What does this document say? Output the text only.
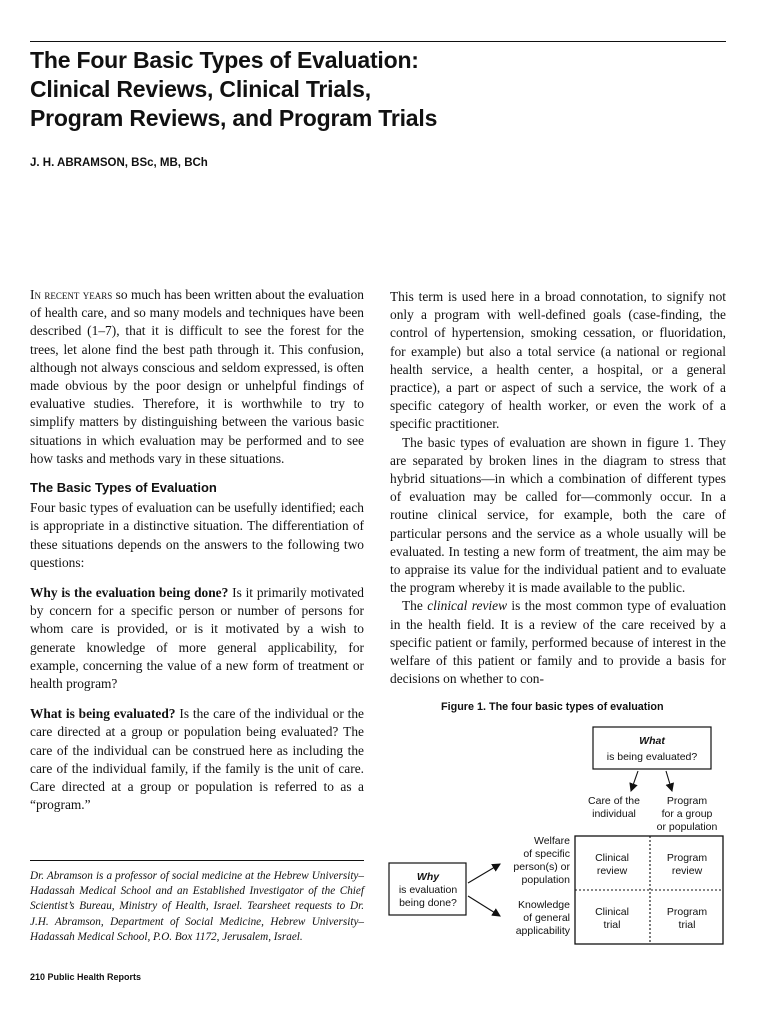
The Four Basic Types of Evaluation:
Clinical Reviews, Clinical Trials,
Program Reviews, and Program Trials
J. H. ABRAMSON, BSc, MB, BCh

In recent years so much has been written about the evaluation of health care, and so many models and techniques have been described (1–7), that it is difficult to see the forest for the trees, let alone find the best path through it. This confusion, although not always conscious and seldom expressed, is often made obvious by the poor design or unhelpful findings of evaluative studies. Therefore, it is worthwhile to try to simplify matters by distinguishing between the various basic situations in which evaluation may be performed and to see how tasks and methods vary in these situations.

The Basic Types of Evaluation

Four basic types of evaluation can be usefully identified; each is appropriate in a distinctive situation. The differentiation of these situations depends on the answers to the following two questions:

Why is the evaluation being done? Is it primarily motivated by concern for a specific person or number of persons for whom care is provided, or is it motivated by a wish to generate knowledge of more general applicability, for example, concerning the value of a new form of treatment or health program?

What is being evaluated? Is the care of the individual or the care directed at a group or population being evaluated? The care of the individual can be construed here as including the care of the individual family, if the family is the unit of care. Care directed at a group or population is referred to as a “program.”

This term is used here in a broad connotation, to signify not only a program with well-defined goals (case-finding, the control of hypertension, smoking cessation, or fluoridation, for example) but also a total service (a national or regional health service, a health center, a hospital, or a general practice), a part or aspect of such a service, the work of a specific category of health worker, or even the work of a specific practitioner.

The basic types of evaluation are shown in figure 1. They are separated by broken lines in the diagram to stress that hybrid situations—in which a combination of different types of evaluation may be called for—commonly occur. In a routine clinical service, for example, both the care of particular persons and the service as a whole usually will be evaluated. In testing a new form of treatment, the aim may be to appraise its value for the individual patient and to evaluate the program whereby it is made available to the public.

The clinical review is the most common type of evaluation in the health field. It is a review of the care received by a specific patient or family, performed because of interest in the welfare of this patient or family and to provide a basis for decisions on whether to con-

Figure 1. The four basic types of evaluation
What
is being evaluated?
Care of the
individual
Program
for a group
or population
Why
is evaluation
being done?
Welfare
of specific
person(s) or
population
Knowledge
of general
applicability
Clinical
review
Program
review
Clinical
trial
Program
trial

Dr. Abramson is a professor of social medicine at the Hebrew University–Hadassah Medical School and an Established Investigator of the Chief Scientist’s Bureau, Ministry of Health, Israel. Tearsheet requests to Dr. J.H. Abramson, Department of Social Medicine, Hebrew University–Hadassah Medical School, P.O. Box 1172, Jerusalem, Israel.

210 Public Health Reports
